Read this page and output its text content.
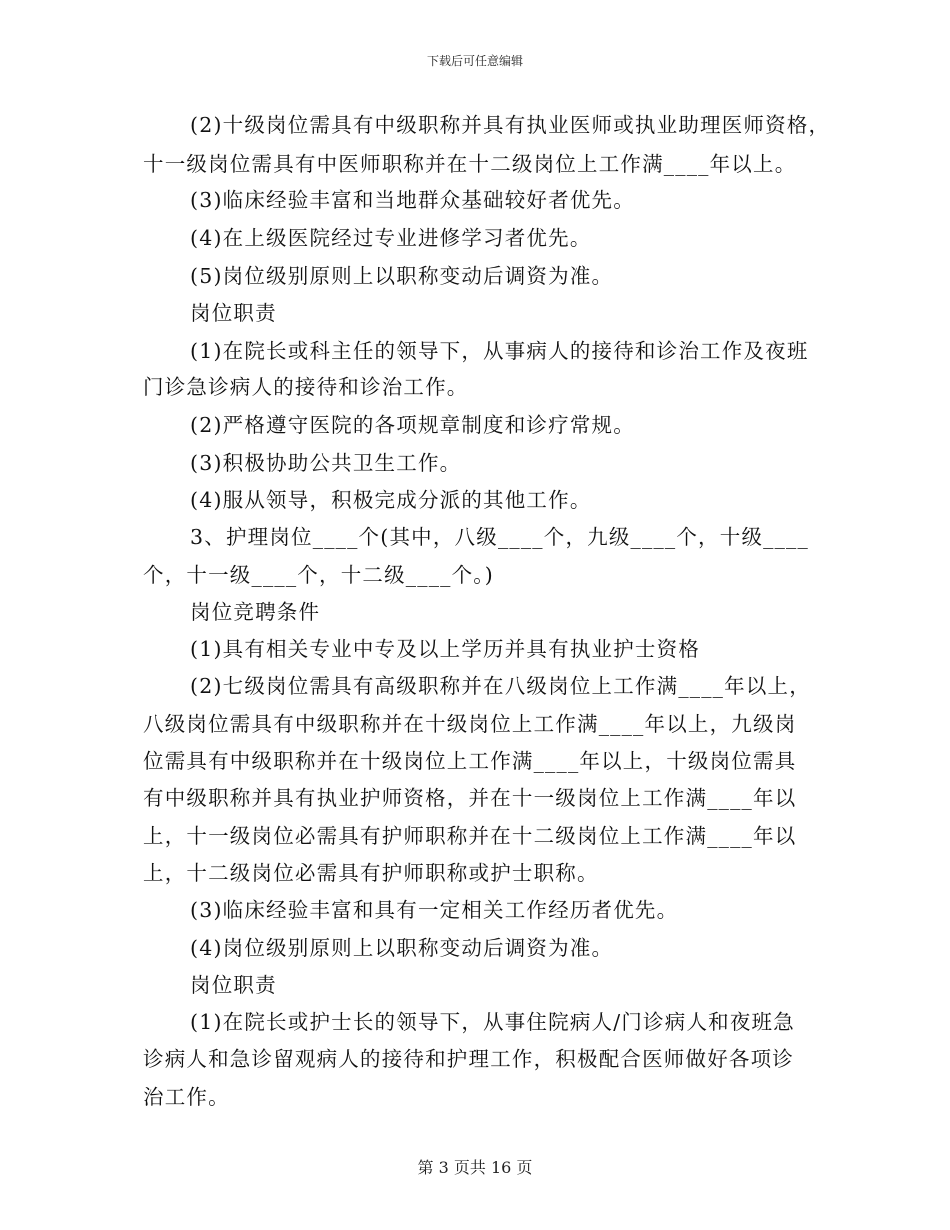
下载后可任意编辑
(2)十级岗位需具有中级职称并具有执业医师或执业助理医师资格，
十一级岗位需具有中医师职称并在十二级岗位上工作满____年以上。
(3)临床经验丰富和当地群众基础较好者优先。
(4)在上级医院经过专业进修学习者优先。
(5)岗位级别原则上以职称变动后调资为准。
岗位职责
(1)在院长或科主任的领导下，从事病人的接待和诊治工作及夜班
门诊急诊病人的接待和诊治工作。
(2)严格遵守医院的各项规章制度和诊疗常规。
(3)积极协助公共卫生工作。
(4)服从领导，积极完成分派的其他工作。
3、护理岗位____个(其中，八级____个，九级____个，十级____
个，十一级____个，十二级____个。)
岗位竞聘条件
(1)具有相关专业中专及以上学历并具有执业护士资格
(2)七级岗位需具有高级职称并在八级岗位上工作满____年以上，
八级岗位需具有中级职称并在十级岗位上工作满____年以上，九级岗
位需具有中级职称并在十级岗位上工作满____年以上，十级岗位需具
有中级职称并具有执业护师资格，并在十一级岗位上工作满____年以
上，十一级岗位必需具有护师职称并在十二级岗位上工作满____年以
上，十二级岗位必需具有护师职称或护士职称。
(3)临床经验丰富和具有一定相关工作经历者优先。
(4)岗位级别原则上以职称变动后调资为准。
岗位职责
(1)在院长或护士长的领导下，从事住院病人/门诊病人和夜班急
诊病人和急诊留观病人的接待和护理工作，积极配合医师做好各项诊
治工作。
第 3 页共 16 页
